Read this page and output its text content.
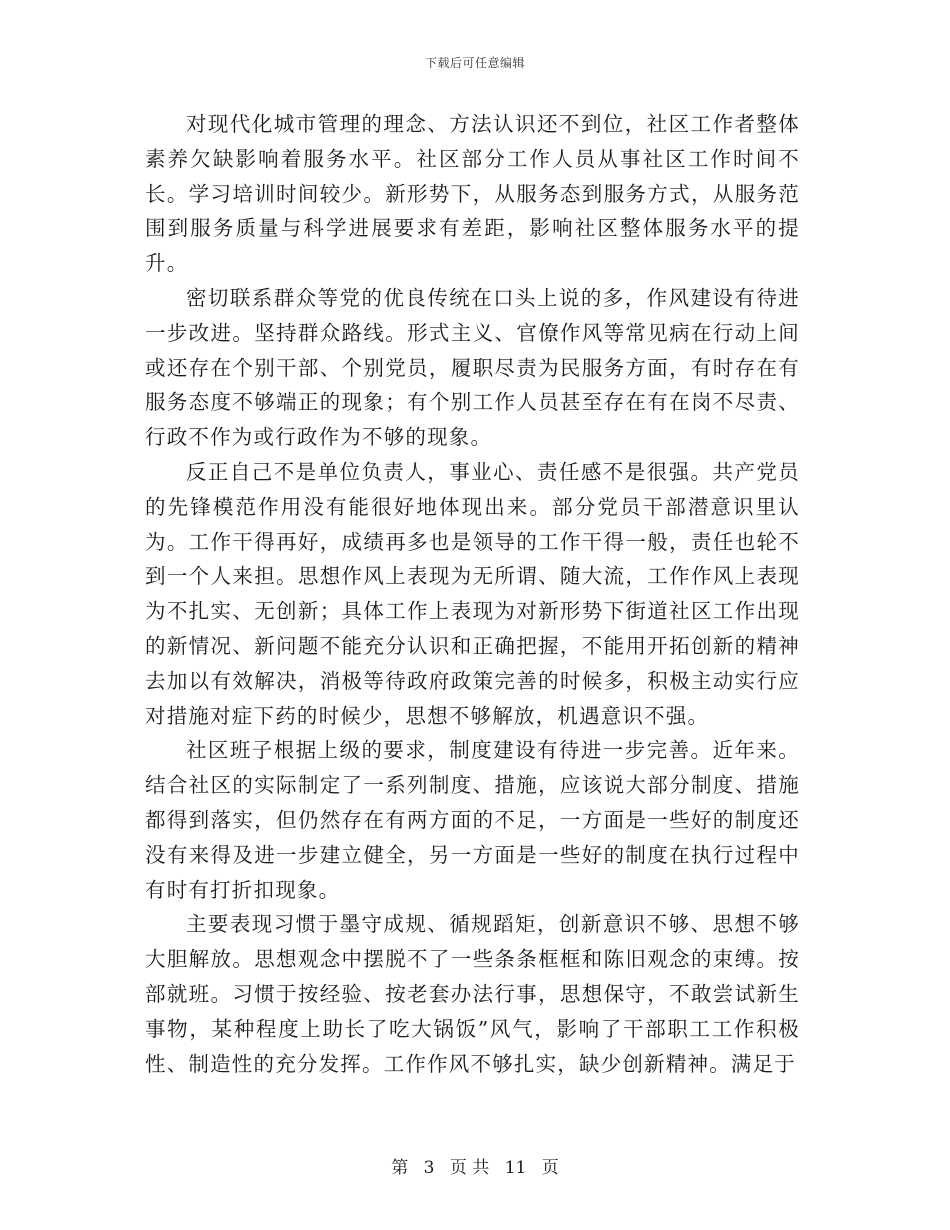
下载后可任意编辑

对现代化城市管理的理念、方法认识还不到位，社区工作者整体素养欠缺影响着服务水平。社区部分工作人员从事社区工作时间不长。学习培训时间较少。新形势下，从服务态到服务方式，从服务范围到服务质量与科学进展要求有差距，影响社区整体服务水平的提升。

密切联系群众等党的优良传统在口头上说的多，作风建设有待进一步改进。坚持群众路线。形式主义、官僚作风等常见病在行动上间或还存在个别干部、个别党员，履职尽责为民服务方面，有时存在有服务态度不够端正的现象；有个别工作人员甚至存在有在岗不尽责、行政不作为或行政作为不够的现象。

反正自己不是单位负责人，事业心、责任感不是很强。共产党员的先锋模范作用没有能很好地体现出来。部分党员干部潜意识里认为。工作干得再好，成绩再多也是领导的工作干得一般，责任也轮不到一个人来担。思想作风上表现为无所谓、随大流，工作作风上表现为不扎实、无创新；具体工作上表现为对新形势下街道社区工作出现的新情况、新问题不能充分认识和正确把握，不能用开拓创新的精神去加以有效解决，消极等待政府政策完善的时候多，积极主动实行应对措施对症下药的时候少，思想不够解放，机遇意识不强。

社区班子根据上级的要求，制度建设有待进一步完善。近年来。结合社区的实际制定了一系列制度、措施，应该说大部分制度、措施都得到落实，但仍然存在有两方面的不足，一方面是一些好的制度还没有来得及进一步建立健全，另一方面是一些好的制度在执行过程中有时有打折扣现象。

主要表现习惯于墨守成规、循规蹈矩，创新意识不够、思想不够大胆解放。思想观念中摆脱不了一些条条框框和陈旧观念的束缚。按部就班。习惯于按经验、按老套办法行事，思想保守，不敢尝试新生事物，某种程度上助长了吃大锅饭”风气，影响了干部职工工作积极性、制造性的充分发挥。工作作风不够扎实，缺少创新精神。满足于

第 3 页 共 11 页
